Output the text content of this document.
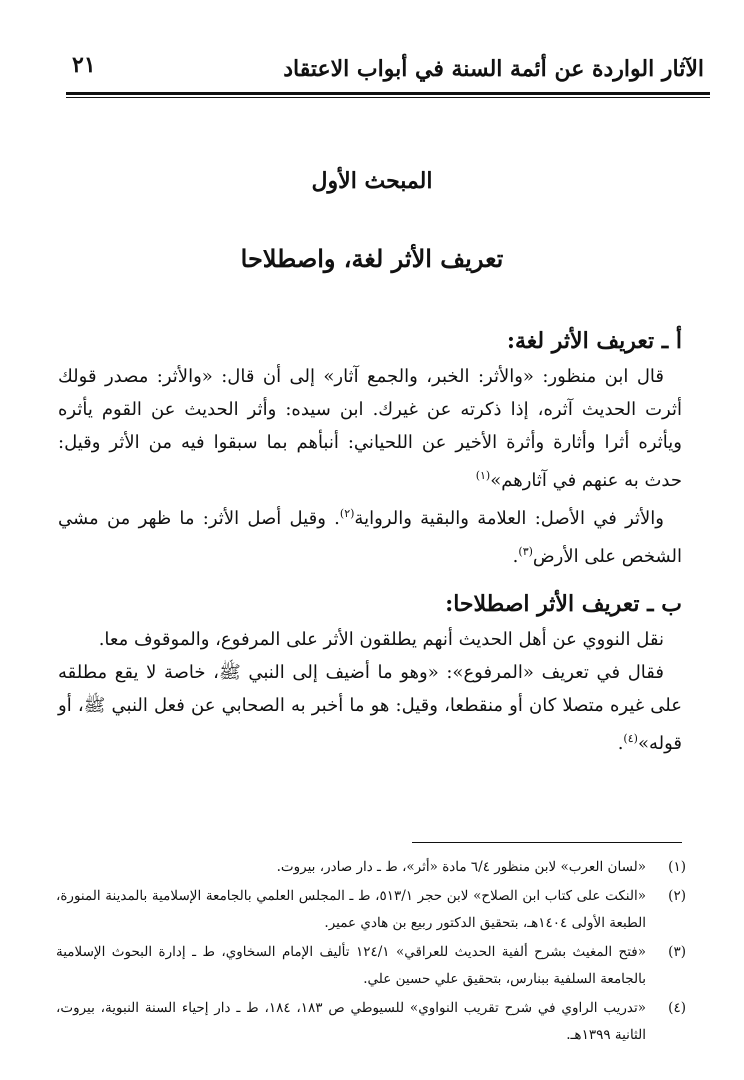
الآثار الواردة عن أئمة السنة في أبواب الاعتقاد
٢١
المبحث الأول
تعريف الأثر لغة، واصطلاحا
أ ـ تعريف الأثر لغة:

قال ابن منظور: «والأثر: الخبر، والجمع آثار» إلى أن قال: «والأثر: مصدر قولك أثرت الحديث آثره، إذا ذكرته عن غيرك. ابن سيده: وأثر الحديث عن القوم يأثره ويأثره أثرا وأثارة وأثرة الأخير عن اللحياني: أنبأهم بما سبقوا فيه من الأثر وقيل: حدث به عنهم في آثارهم»$^{(١)}$

والأثر في الأصل: العلامة والبقية والرواية$^{(٢)}$. وقيل أصل الأثر: ما ظهر من مشي الشخص على الأرض$^{(٣)}$.

ب ـ تعريف الأثر اصطلاحا:

نقل النووي عن أهل الحديث أنهم يطلقون الأثر على المرفوع، والموقوف معا.

فقال في تعريف «المرفوع»: «وهو ما أضيف إلى النبي ﷺ، خاصة لا يقع مطلقه على غيره متصلا كان أو منقطعا، وقيل: هو ما أخبر به الصحابي عن فعل النبي ﷺ، أو قوله»$^{(٤)}$.

(١)
«لسان العرب» لابن منظور ٦/٤ مادة «أثر»، ط ـ دار صادر، بيروت.
(٢)
«النكت على كتاب ابن الصلاح» لابن حجر ٥١٣/١، ط ـ المجلس العلمي بالجامعة الإسلامية بالمدينة المنورة، الطبعة الأولى ١٤٠٤هـ، بتحقيق الدكتور ربيع بن هادي عمير.
(٣)
«فتح المغيث بشرح ألفية الحديث للعراقي» ١٢٤/١ تأليف الإمام السخاوي، ط ـ إدارة البحوث الإسلامية بالجامعة السلفية ببنارس، بتحقيق علي حسين علي.
(٤)
«تدريب الراوي في شرح تقريب النواوي» للسيوطي ص ١٨٣، ١٨٤، ط ـ دار إحياء السنة النبوية، بيروت، الثانية ١٣٩٩هـ.
